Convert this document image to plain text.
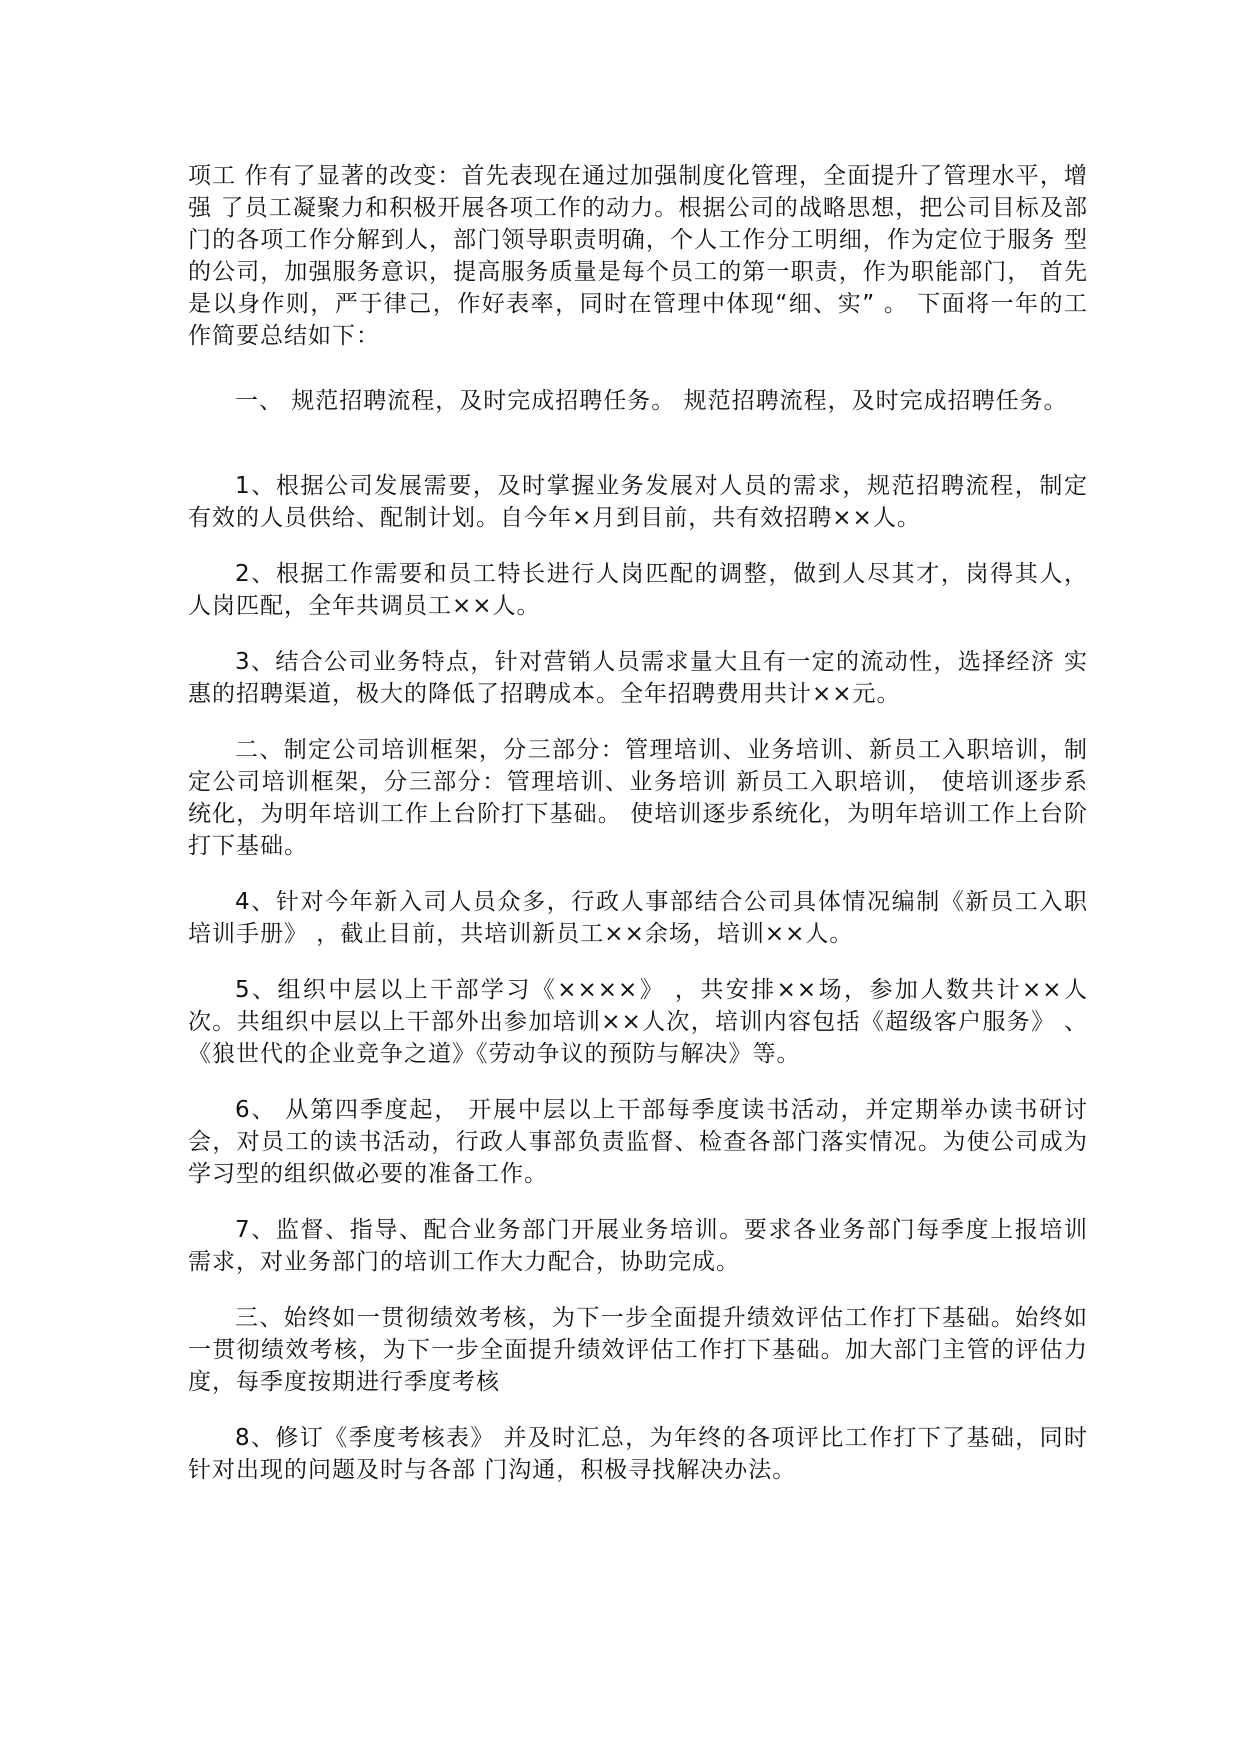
项工 作有了显著的改变：首先表现在通过加强制度化管理，全面提升了管理水平，增强 了员工凝聚力和积极开展各项工作的动力。根据公司的战略思想，把公司目标及部 门的各项工作分解到人，部门领导职责明确，个人工作分工明细，作为定位于服务 型的公司，加强服务意识，提高服务质量是每个员工的第一职责，作为职能部门， 首先是以身作则，严于律己，作好表率，同时在管理中体现“细、实” 。 下面将一年的工作简要总结如下：

一、 规范招聘流程，及时完成招聘任务。 规范招聘流程，及时完成招聘任务。

1、根据公司发展需要，及时掌握业务发展对人员的需求，规范招聘流程，制定 有效的人员供给、配制计划。自今年×月到目前，共有效招聘××人。

2、根据工作需要和员工特长进行人岗匹配的调整，做到人尽其才，岗得其人，人岗匹配，全年共调员工××人。

3、结合公司业务特点，针对营销人员需求量大且有一定的流动性，选择经济 实惠的招聘渠道，极大的降低了招聘成本。全年招聘费用共计××元。

二、制定公司培训框架，分三部分：管理培训、业务培训、新员工入职培训，制定公司培训框架，分三部分：管理培训、业务培训 新员工入职培训， 使培训逐步系统化，为明年培训工作上台阶打下基础。 使培训逐步系统化，为明年培训工作上台阶打下基础。

4、针对今年新入司人员众多，行政人事部结合公司具体情况编制《新员工入职 培训手册》 ，截止目前，共培训新员工××余场，培训××人。

5、组织中层以上干部学习《××××》 ，共安排××场，参加人数共计××人 次。共组织中层以上干部外出参加培训××人次，培训内容包括《超级客户服务》 、《狼世代的企业竞争之道》《劳动争议的预防与解决》等。

6、 从第四季度起， 开展中层以上干部每季度读书活动，并定期举办读书研讨会，对员工的读书活动，行政人事部负责监督、检查各部门落实情况。为使公司成为学习型的组织做必要的准备工作。

7、监督、指导、配合业务部门开展业务培训。要求各业务部门每季度上报培训 需求，对业务部门的培训工作大力配合，协助完成。

三、始终如一贯彻绩效考核，为下一步全面提升绩效评估工作打下基础。始终如一贯彻绩效考核，为下一步全面提升绩效评估工作打下基础。加大部门主管的评估力度，每季度按期进行季度考核

8、修订《季度考核表》 并及时汇总，为年终的各项评比工作打下了基础，同时针对出现的问题及时与各部 门沟通，积极寻找解决办法。
